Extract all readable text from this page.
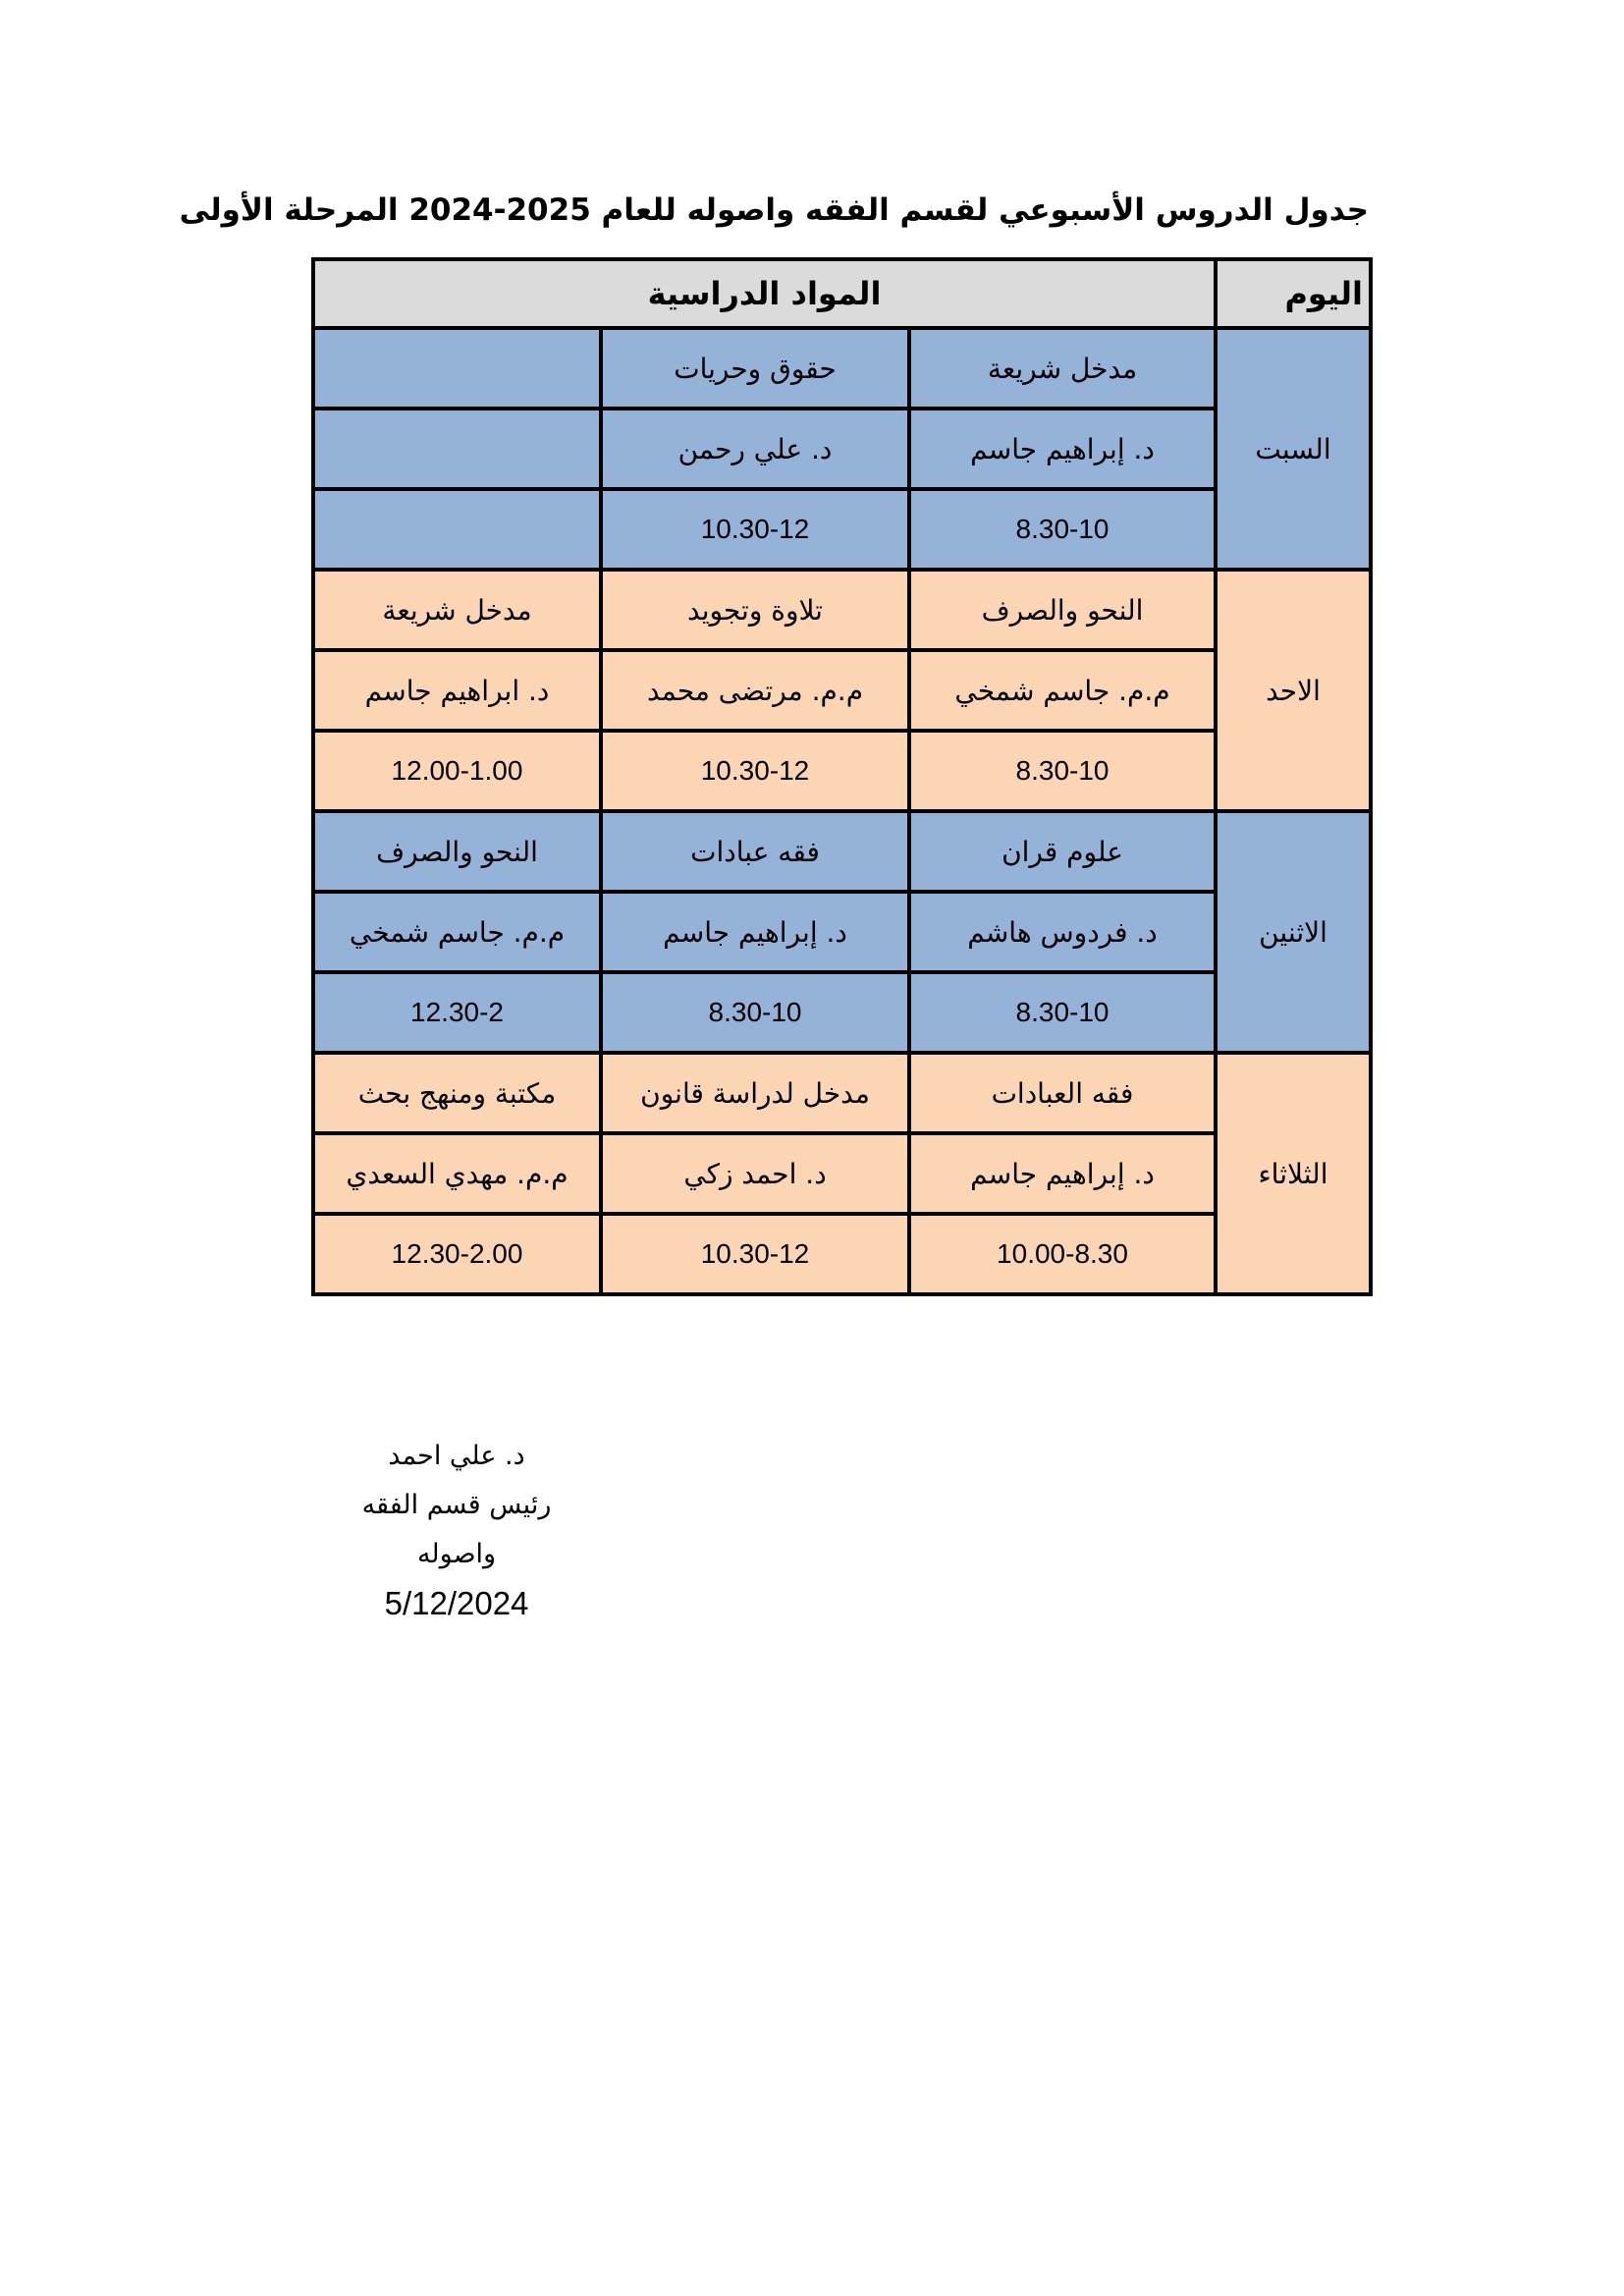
جدول الدروس الأسبوعي لقسم الفقه واصوله للعام 2025-2024 المرحلة الأولى
اليوم	المواد الدراسية		
السبت	مدخل شريعة	حقوق وحريات	
	د. إبراهيم جاسم	د. علي رحمن	
	8.30-10	10.30-12	
الاحد	النحو والصرف	تلاوة وتجويد	مدخل شريعة
	م.م. جاسم شمخي	م.م. مرتضى محمد	د. ابراهيم جاسم
	8.30-10	10.30-12	12.00-1.00
الاثنين	علوم قران	فقه عبادات	النحو والصرف
	د. فردوس هاشم	د. إبراهيم جاسم	م.م. جاسم شمخي
	8.30-10	8.30-10	12.30-2
الثلاثاء	فقه العبادات	مدخل لدراسة قانون	مكتبة ومنهج بحث
	د. إبراهيم جاسم	د. احمد زكي	م.م. مهدي السعدي
	10.00-8.30	10.30-12	12.30-2.00
د. علي احمد
رئيس قسم الفقه واصوله
5/12/2024
